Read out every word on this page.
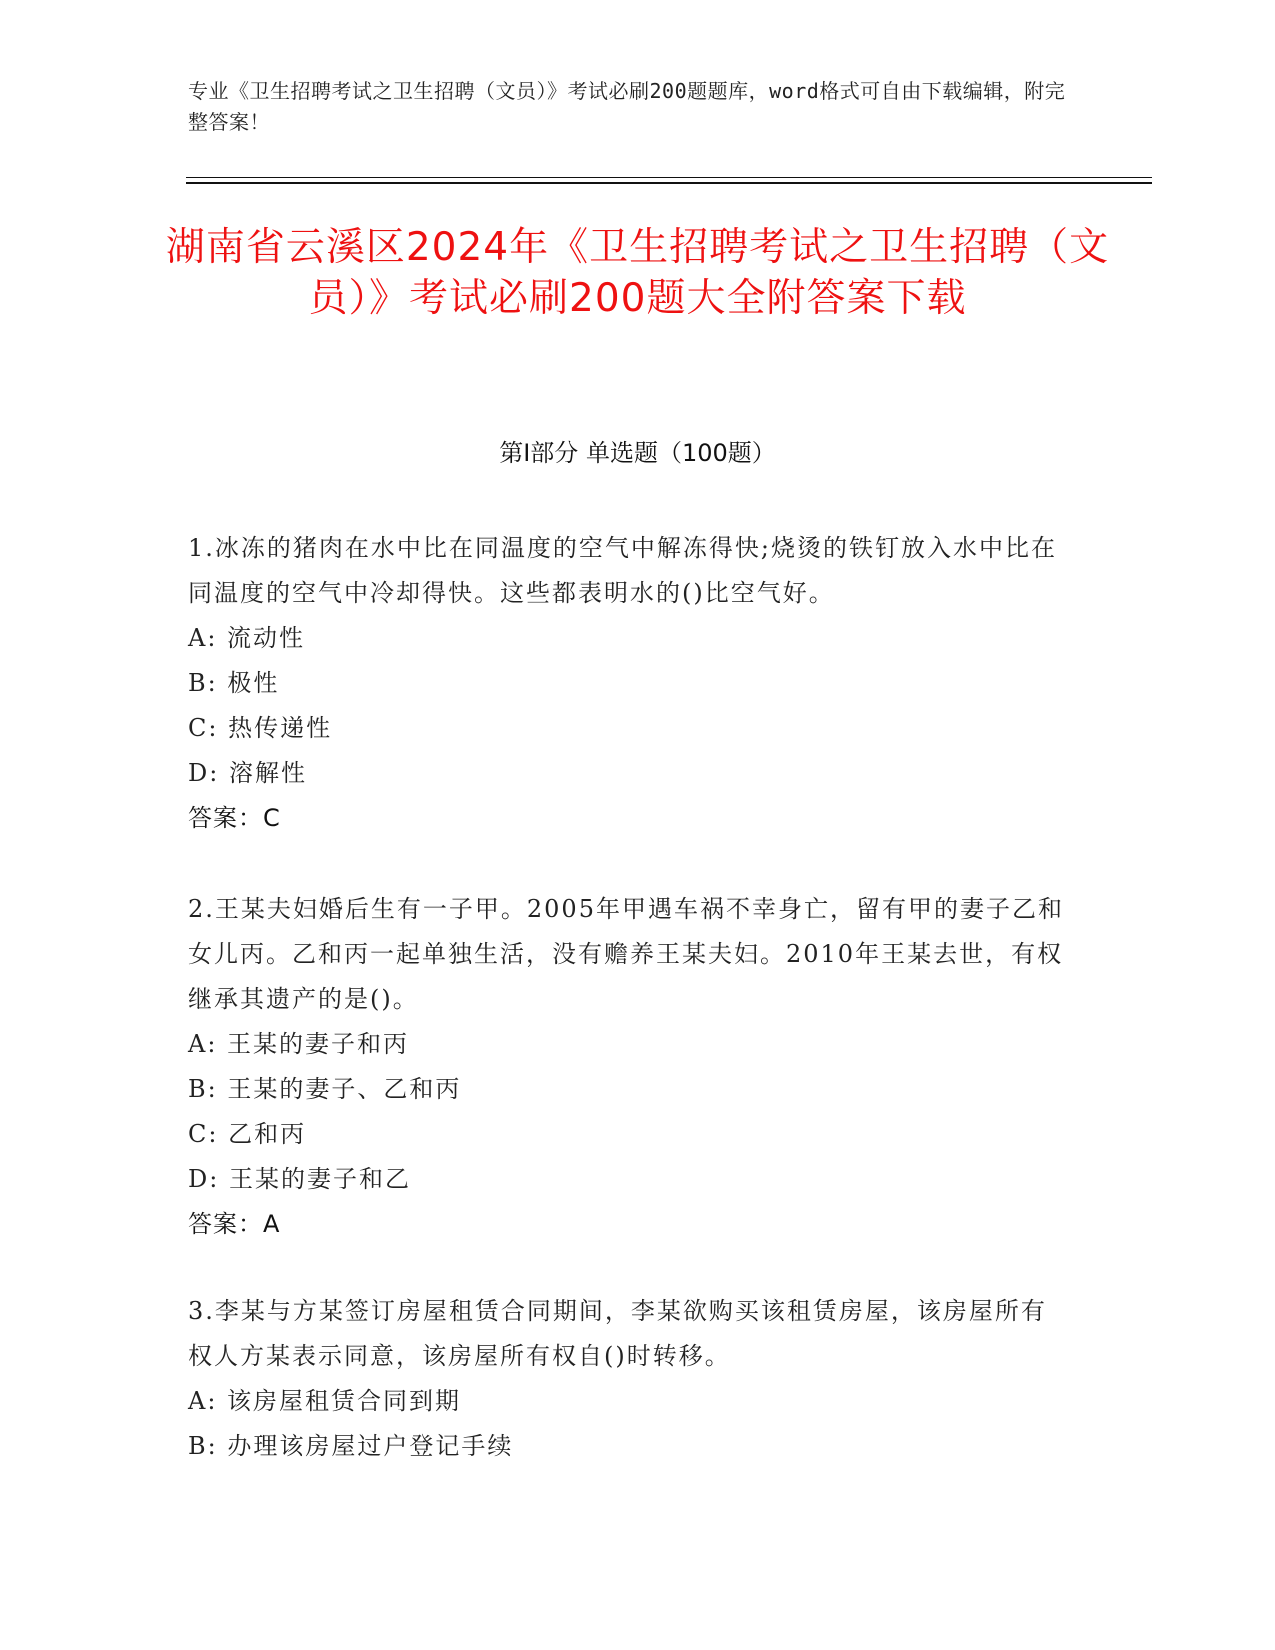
专业《卫生招聘考试之卫生招聘（文员）》考试必刷200题题库，word格式可自由下载编辑，附完整答案！
湖南省云溪区2024年《卫生招聘考试之卫生招聘（文员）》考试必刷200题大全附答案下载
第Ⅰ部分 单选题（100题）
1.冰冻的猪肉在水中比在同温度的空气中解冻得快;烧烫的铁钉放入水中比在同温度的空气中冷却得快。这些都表明水的()比空气好。
A: 流动性
B: 极性
C: 热传递性
D: 溶解性
答案：C
2.王某夫妇婚后生有一子甲。2005年甲遇车祸不幸身亡，留有甲的妻子乙和女儿丙。乙和丙一起单独生活，没有赡养王某夫妇。2010年王某去世，有权继承其遗产的是()。
A: 王某的妻子和丙
B: 王某的妻子、乙和丙
C: 乙和丙
D: 王某的妻子和乙
答案：A
3.李某与方某签订房屋租赁合同期间，李某欲购买该租赁房屋，该房屋所有权人方某表示同意，该房屋所有权自()时转移。
A: 该房屋租赁合同到期
B: 办理该房屋过户登记手续
